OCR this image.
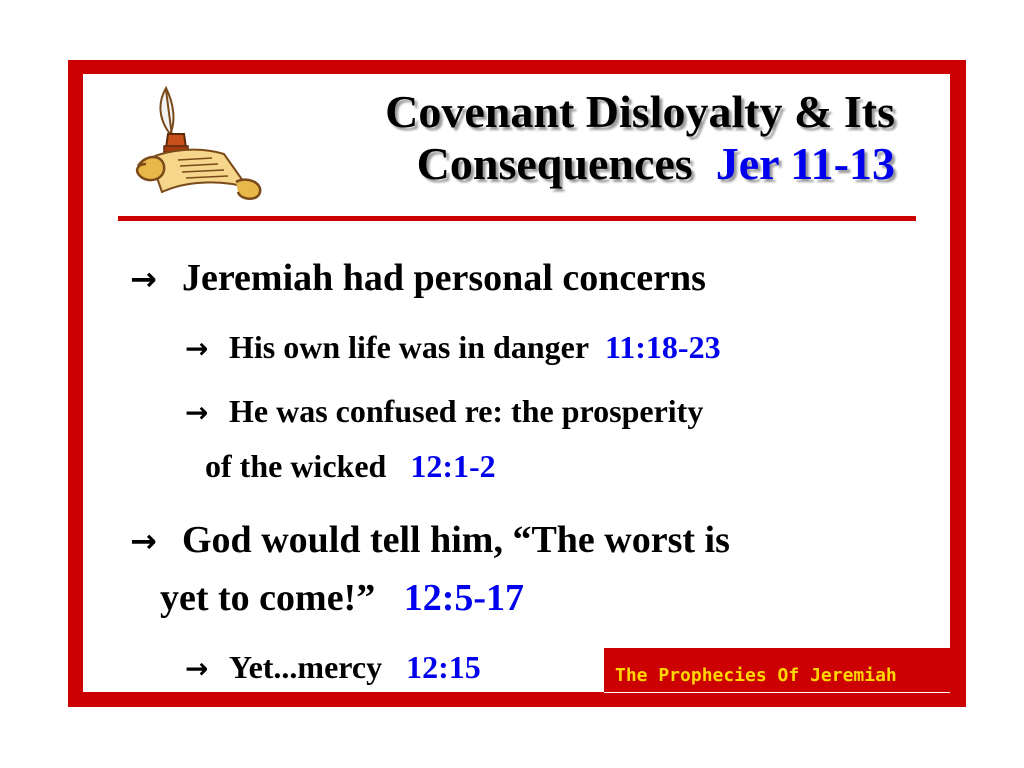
Covenant Disloyalty & Its
Consequences Jer 11-13
→ Jeremiah had personal concerns
→ His own life was in danger 11:18-23
→ He was confused re: the prosperity
of the wicked 12:1-2
→ God would tell him, “The worst is
yet to come!” 12:5-17
→ Yet...mercy 12:15	The Prophecies Of Jeremiah
